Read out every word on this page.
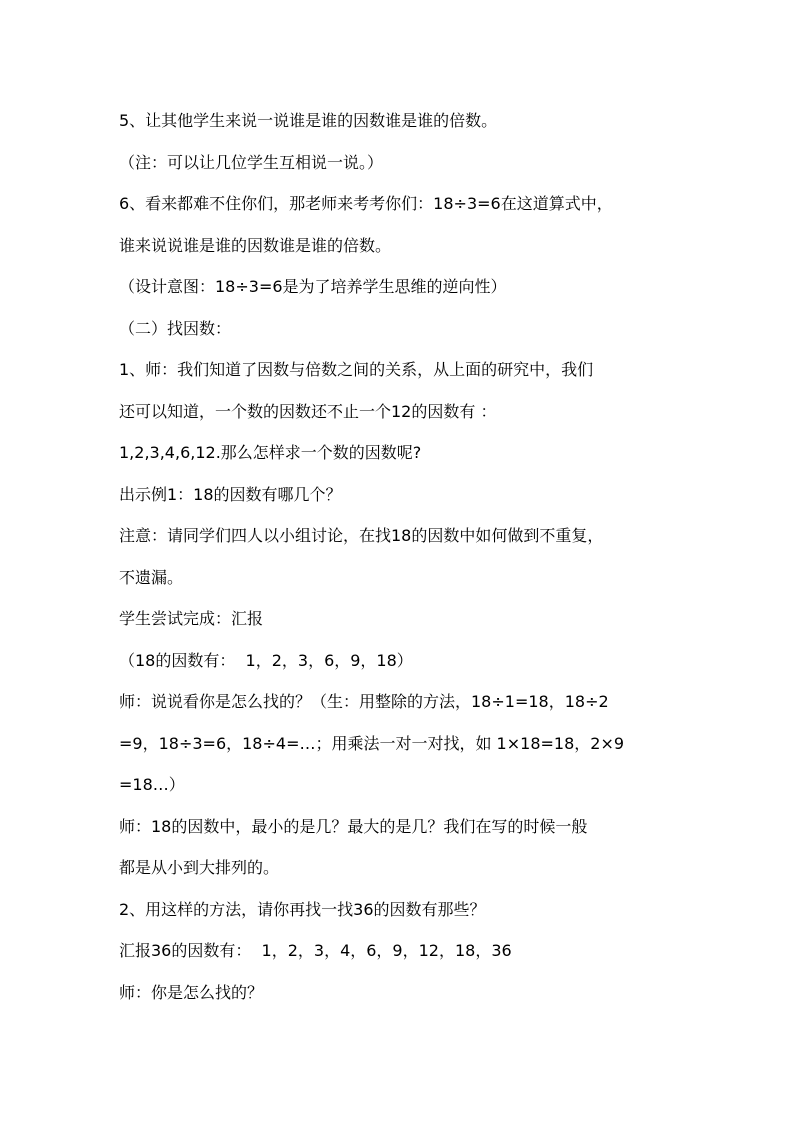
5、让其他学生来说一说谁是谁的因数谁是谁的倍数。
（注：可以让几位学生互相说一说。）
6、看来都难不住你们，那老师来考考你们：18÷3=6在这道算式中，
谁来说说谁是谁的因数谁是谁的倍数。
（设计意图：18÷3=6是为了培养学生思维的逆向性）
（二）找因数：
1、师：我们知道了因数与倍数之间的关系，从上面的研究中，我们
还可以知道，一个数的因数还不止一个12的因数有 ：
1,2,3,4,6,12.那么怎样求一个数的因数呢?
出示例1：18的因数有哪几个？
注意：请同学们四人以小组讨论，在找18的因数中如何做到不重复，
不遗漏。
学生尝试完成：汇报
（18的因数有：  1，2，3，6，9，18）
师：说说看你是怎么找的？（生：用整除的方法，18÷1=18，18÷2
=9，18÷3=6，18÷4=…；用乘法一对一对找，如 1×18=18，2×9
=18…）
师：18的因数中，最小的是几？最大的是几？我们在写的时候一般
都是从小到大排列的。
2、用这样的方法，请你再找一找36的因数有那些？
汇报36的因数有：  1，2，3，4，6，9，12，18，36
师：你是怎么找的？
